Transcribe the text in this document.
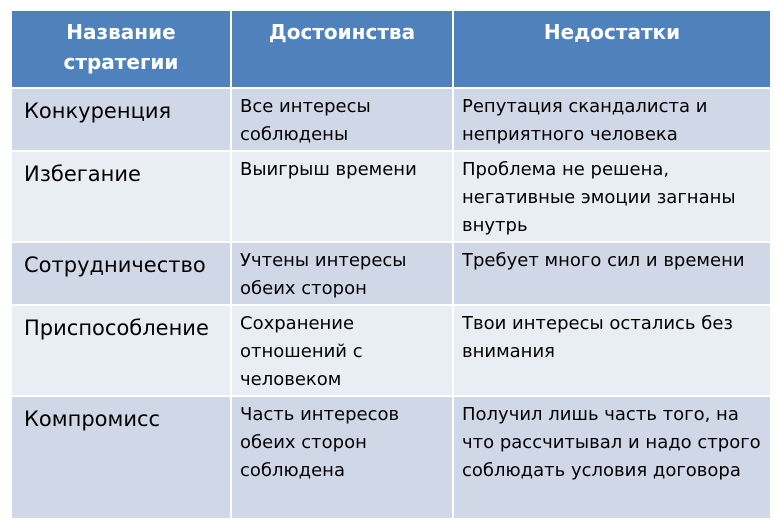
Название стратегии	Достоинства	Недостатки
Конкуренция	Все интересы соблюдены	Репутация скандалиста и неприятного человека
Избегание	Выигрыш времени	Проблема не решена, негативные эмоции загнаны внутрь
Сотрудничество	Учтены интересы обеих сторон	Требует много сил и времени
Приспособление	Сохранение отношений с человеком	Твои интересы остались без внимания
Компромисс	Часть интересов обеих сторон соблюдена	Получил лишь часть того, на что рассчитывал и надо строго соблюдать условия договора
